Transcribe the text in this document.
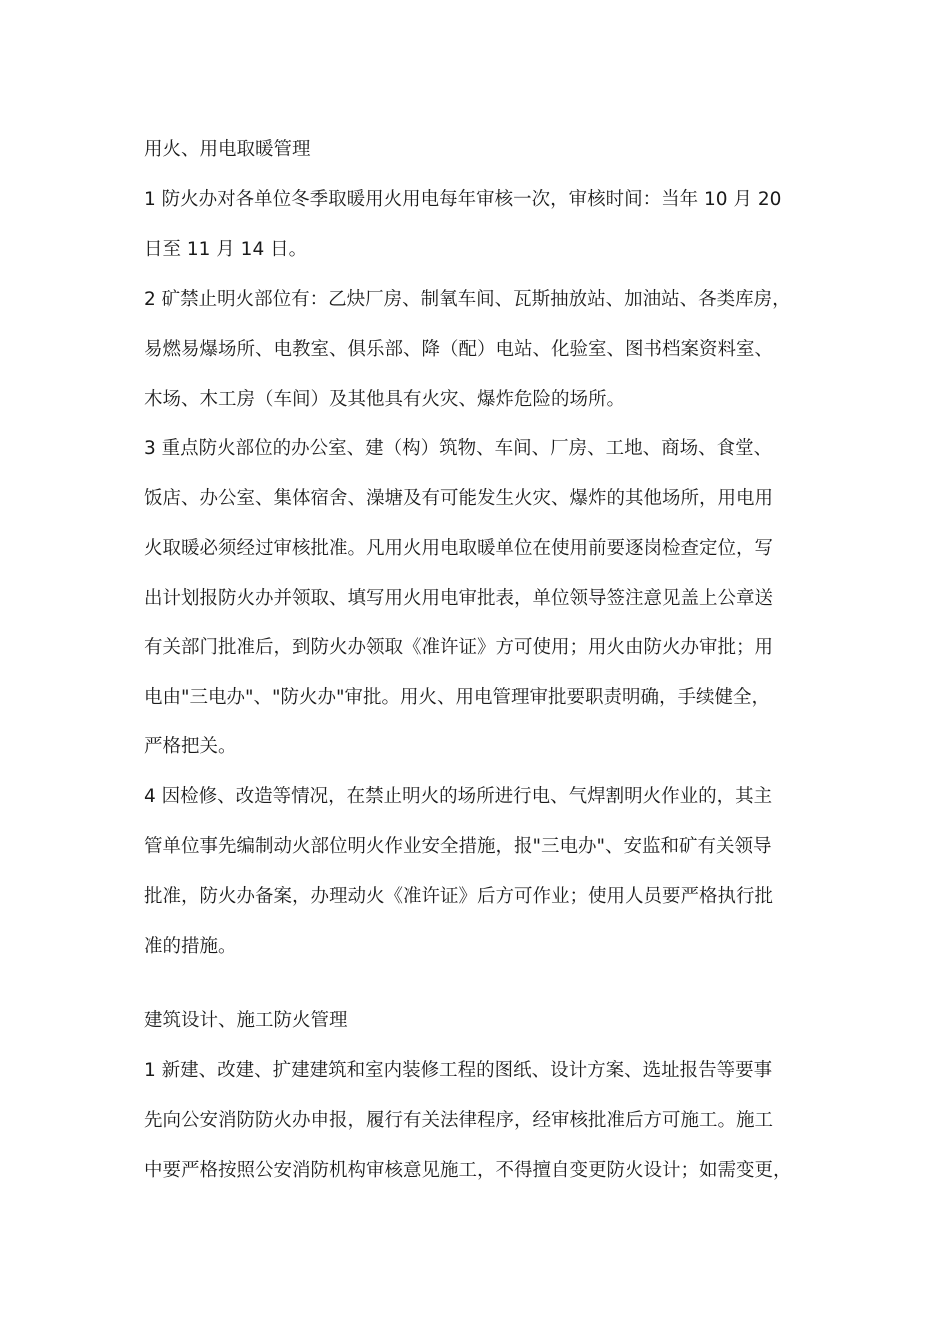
用火、用电取暖管理
1 防火办对各单位冬季取暖用火用电每年审核一次，审核时间：当年 10 月 20
日至 11 月 14 日。
2 矿禁止明火部位有：乙炔厂房、制氧车间、瓦斯抽放站、加油站、各类库房，
易燃易爆场所、电教室、俱乐部、降（配）电站、化验室、图书档案资料室、
木场、木工房（车间）及其他具有火灾、爆炸危险的场所。
3 重点防火部位的办公室、建（构）筑物、车间、厂房、工地、商场、食堂、
饭店、办公室、集体宿舍、澡塘及有可能发生火灾、爆炸的其他场所，用电用
火取暖必须经过审核批准。凡用火用电取暖单位在使用前要逐岗检查定位，写
出计划报防火办并领取、填写用火用电审批表，单位领导签注意见盖上公章送
有关部门批准后，到防火办领取《准许证》方可使用；用火由防火办审批；用
电由"三电办"、"防火办"审批。用火、用电管理审批要职责明确，手续健全，
严格把关。
4 因检修、改造等情况，在禁止明火的场所进行电、气焊割明火作业的，其主
管单位事先编制动火部位明火作业安全措施，报"三电办"、安监和矿有关领导
批准，防火办备案，办理动火《准许证》后方可作业；使用人员要严格执行批
准的措施。
建筑设计、施工防火管理
1 新建、改建、扩建建筑和室内装修工程的图纸、设计方案、选址报告等要事
先向公安消防防火办申报，履行有关法律程序，经审核批准后方可施工。施工
中要严格按照公安消防机构审核意见施工，不得擅自变更防火设计；如需变更，
